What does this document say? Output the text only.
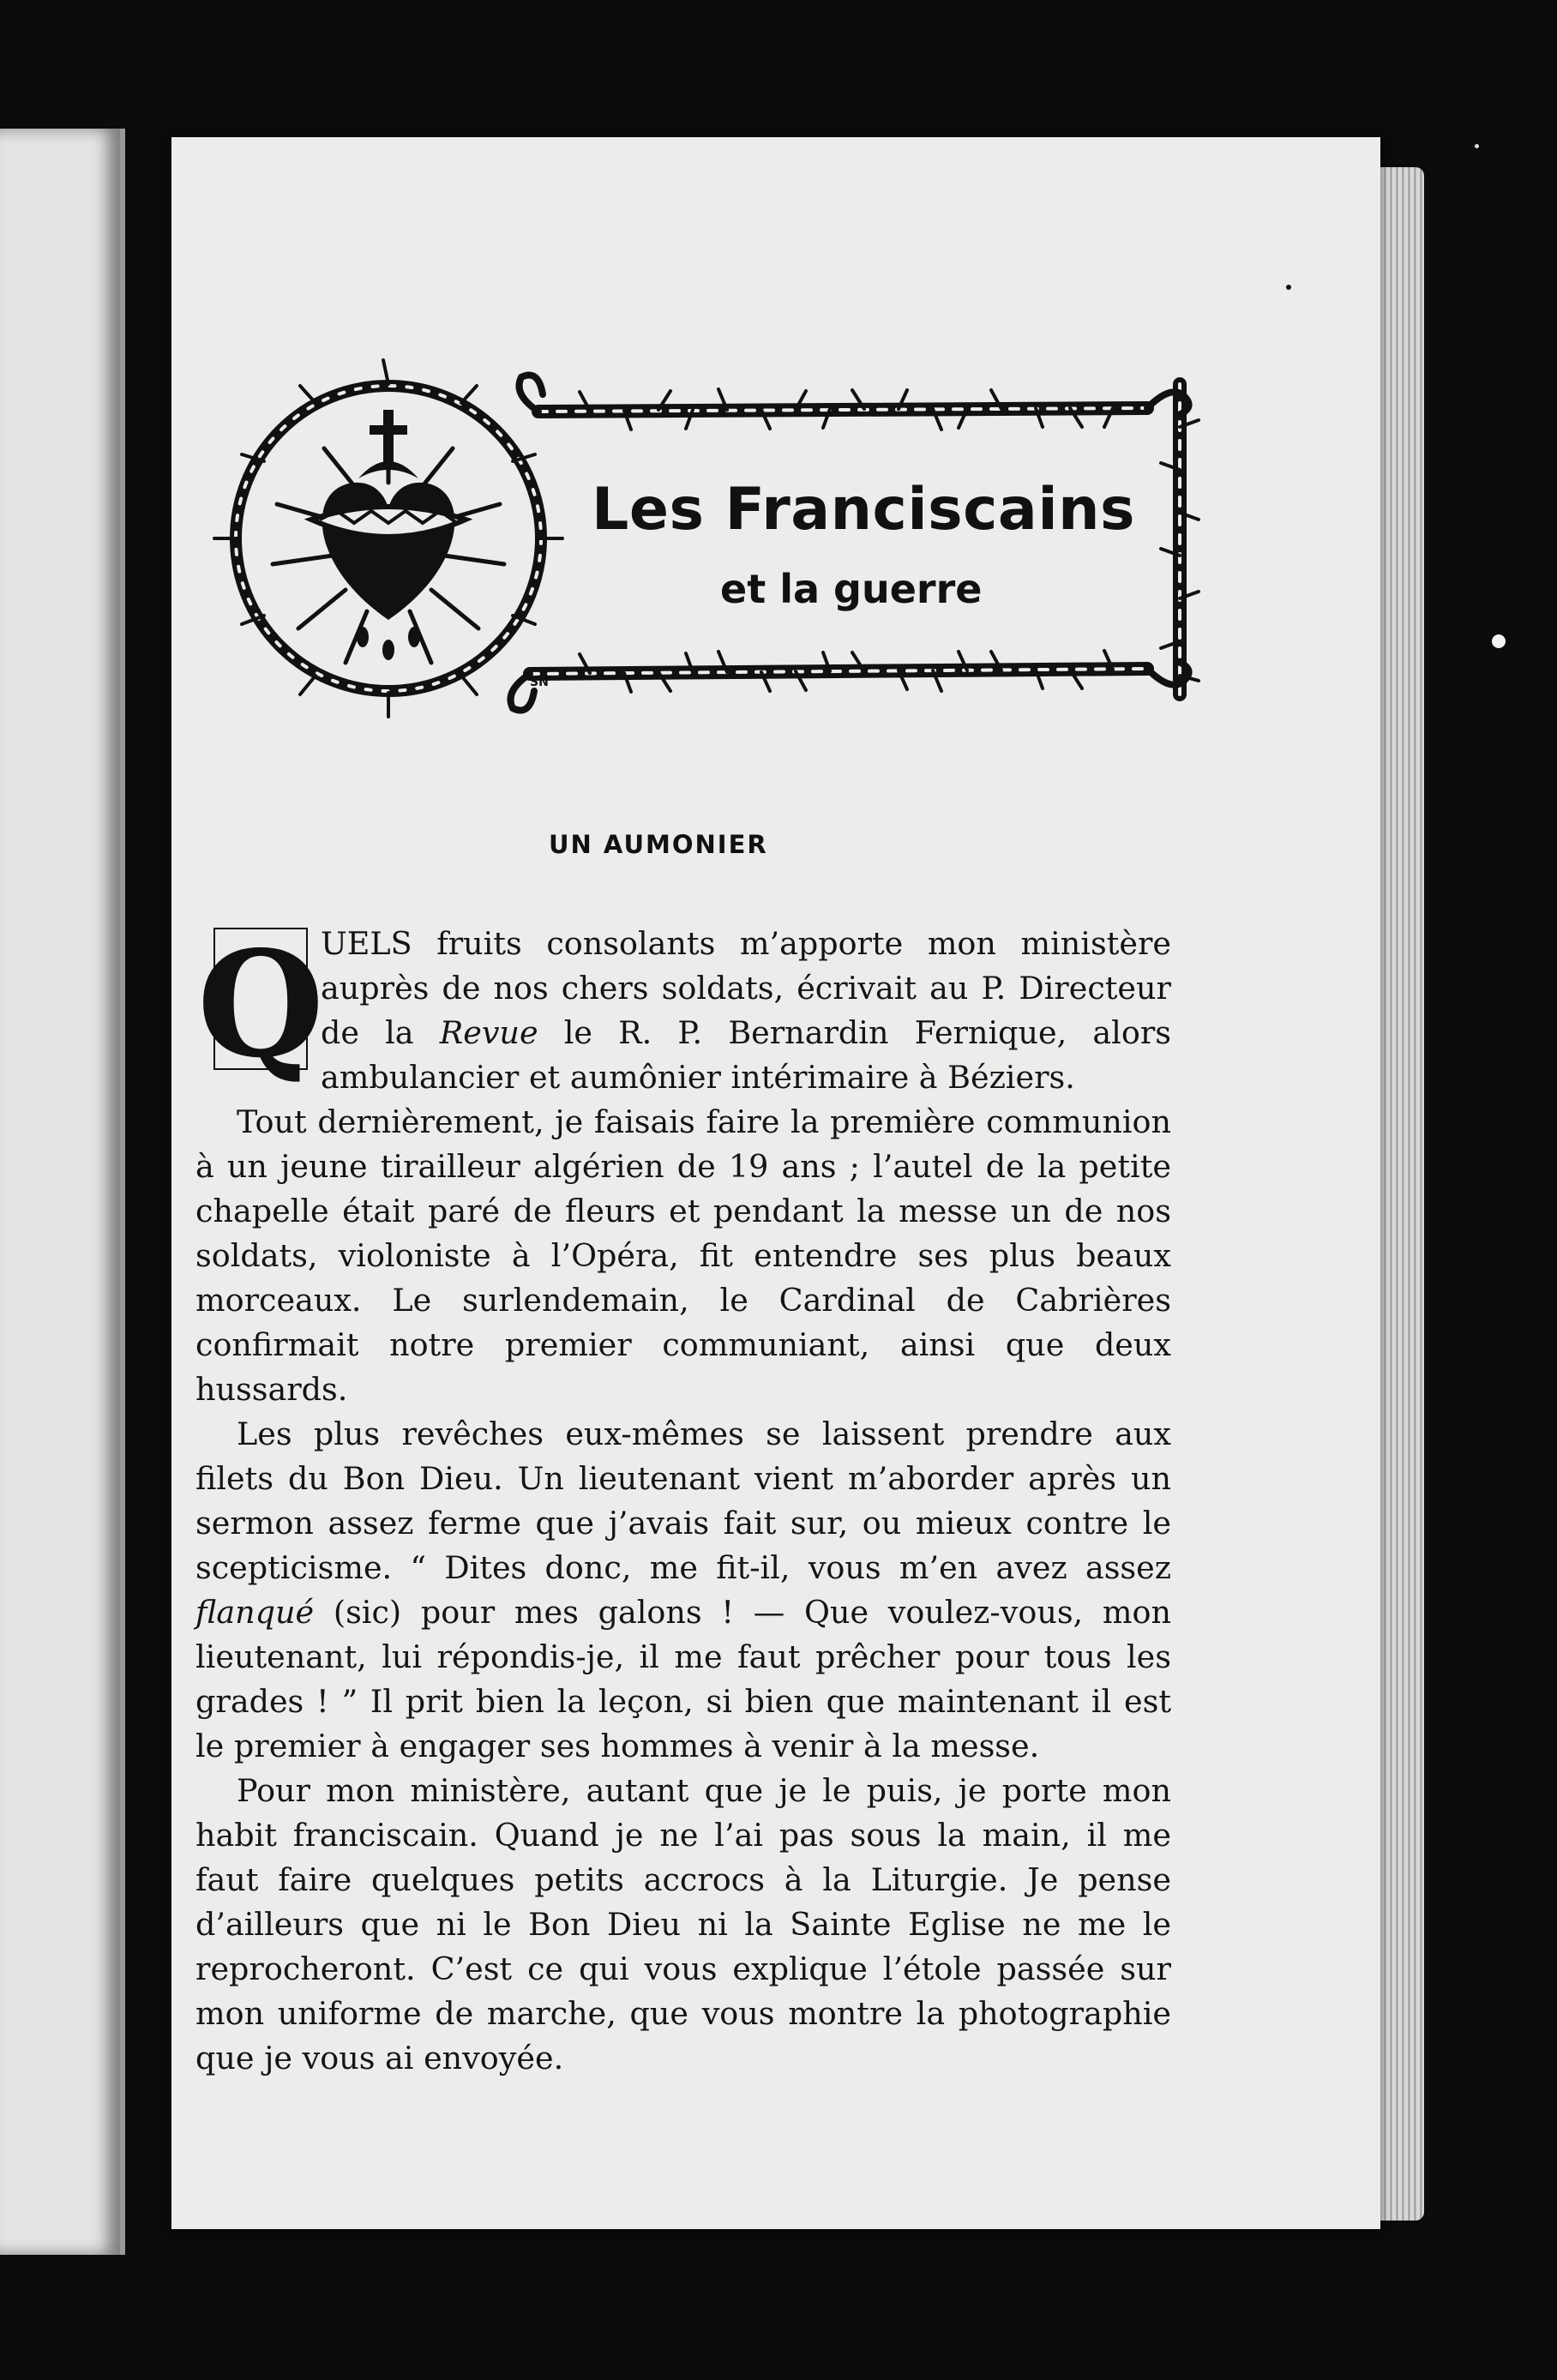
SN
Les Franciscains
et la guerre
UN AUMONIER

Q
UELS fruits consolants m’apporte mon ministère auprès de nos chers soldats, écrivait au P. Directeur de la Revue le R. P. Bernardin Fernique, alors ambulancier et aumônier intérimaire à Béziers.

Tout dernièrement, je faisais faire la première communion à un jeune tirailleur algérien de 19 ans ; l’autel de la petite chapelle était paré de fleurs et pendant la messe un de nos soldats, violoniste à l’Opéra, fit entendre ses plus beaux morceaux. Le surlendemain, le Cardinal de Cabrières confirmait notre premier communiant, ainsi que deux hussards.

Les plus revêches eux-mêmes se laissent prendre aux filets du Bon Dieu. Un lieutenant vient m’aborder après un sermon assez ferme que j’avais fait sur, ou mieux contre le scepticisme. “ Dites donc, me fit-il, vous m’en avez assez flanqué (sic) pour mes galons ! — Que voulez-vous, mon lieutenant, lui répondis-je, il me faut prêcher pour tous les grades ! ” Il prit bien la leçon, si bien que maintenant il est le premier à engager ses hommes à venir à la messe.

Pour mon ministère, autant que je le puis, je porte mon habit franciscain. Quand je ne l’ai pas sous la main, il me faut faire quelques petits accrocs à la Liturgie. Je pense d’ailleurs que ni le Bon Dieu ni la Sainte Eglise ne me le reprocheront. C’est ce qui vous explique l’étole passée sur mon uniforme de marche, que vous montre la photographie que je vous ai envoyée.
